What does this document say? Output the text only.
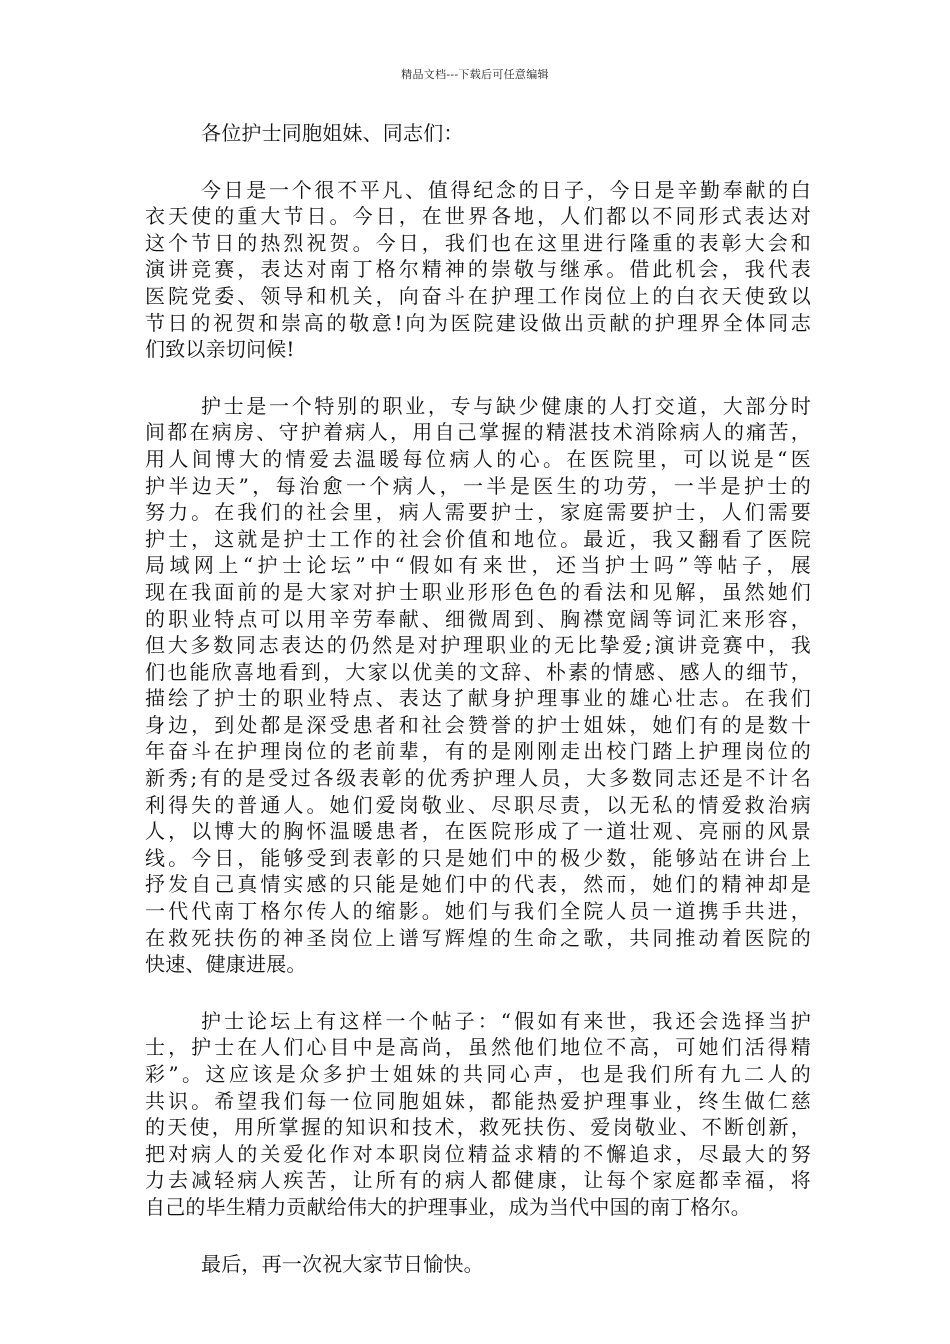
精品文档---下载后可任意编辑

各位护士同胞姐妹、同志们：

今日是一个很不平凡、值得纪念的日子，今日是辛勤奉献的白
衣天使的重大节日。今日，在世界各地，人们都以不同形式表达对
这个节日的热烈祝贺。今日，我们也在这里进行隆重的表彰大会和
演讲竞赛，表达对南丁格尔精神的崇敬与继承。借此机会，我代表
医院党委、领导和机关，向奋斗在护理工作岗位上的白衣天使致以
节日的祝贺和崇高的敬意!向为医院建设做出贡献的护理界全体同志
们致以亲切问候!

护士是一个特别的职业，专与缺少健康的人打交道，大部分时
间都在病房、守护着病人，用自己掌握的精湛技术消除病人的痛苦，
用人间博大的情爱去温暖每位病人的心。在医院里，可以说是“医
护半边天”，每治愈一个病人，一半是医生的功劳，一半是护士的
努力。在我们的社会里，病人需要护士，家庭需要护士，人们需要
护士，这就是护士工作的社会价值和地位。最近，我又翻看了医院
局域网上“护士论坛”中“假如有来世，还当护士吗”等帖子，展
现在我面前的是大家对护士职业形形色色的看法和见解，虽然她们
的职业特点可以用辛劳奉献、细微周到、胸襟宽阔等词汇来形容，
但大多数同志表达的仍然是对护理职业的无比挚爱;演讲竞赛中，我
们也能欣喜地看到，大家以优美的文辞、朴素的情感、感人的细节，
描绘了护士的职业特点、表达了献身护理事业的雄心壮志。在我们
身边，到处都是深受患者和社会赞誉的护士姐妹，她们有的是数十
年奋斗在护理岗位的老前辈，有的是刚刚走出校门踏上护理岗位的
新秀;有的是受过各级表彰的优秀护理人员，大多数同志还是不计名
利得失的普通人。她们爱岗敬业、尽职尽责，以无私的情爱救治病
人，以博大的胸怀温暖患者，在医院形成了一道壮观、亮丽的风景
线。今日，能够受到表彰的只是她们中的极少数，能够站在讲台上
抒发自己真情实感的只能是她们中的代表，然而，她们的精神却是
一代代南丁格尔传人的缩影。她们与我们全院人员一道携手共进，
在救死扶伤的神圣岗位上谱写辉煌的生命之歌，共同推动着医院的
快速、健康进展。

护士论坛上有这样一个帖子：“假如有来世，我还会选择当护
士，护士在人们心目中是高尚，虽然他们地位不高，可她们活得精
彩”。这应该是众多护士姐妹的共同心声，也是我们所有九二人的
共识。希望我们每一位同胞姐妹，都能热爱护理事业，终生做仁慈
的天使，用所掌握的知识和技术，救死扶伤、爱岗敬业、不断创新，
把对病人的关爱化作对本职岗位精益求精的不懈追求，尽最大的努
力去减轻病人疾苦，让所有的病人都健康，让每个家庭都幸福，将
自己的毕生精力贡献给伟大的护理事业，成为当代中国的南丁格尔。

最后，再一次祝大家节日愉快。
